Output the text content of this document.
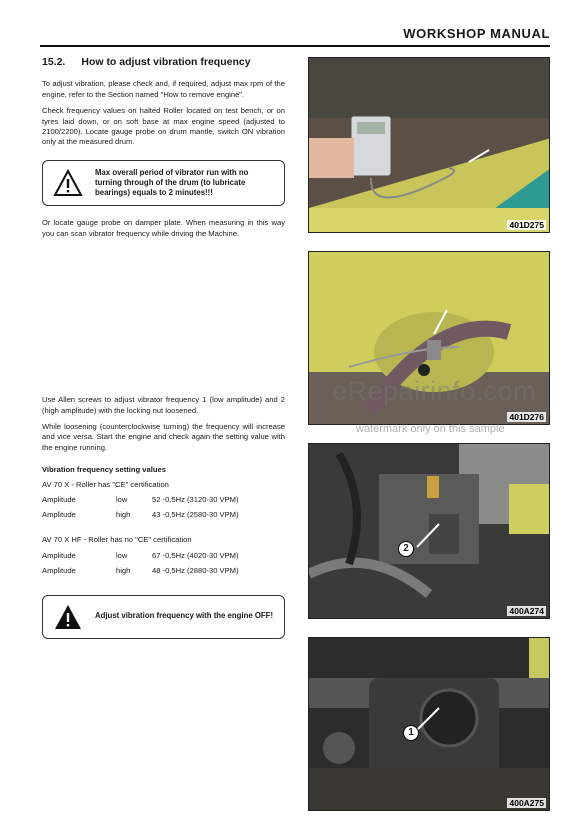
WORKSHOP MANUAL
15.2. How to adjust vibration frequency

To adjust vibration, please check and, if required, adjust max rpm of the engine, refer to the Section named "How to remove engine".

Check frequency values on halted Roller located on test bench, or on tyres laid down, or on soft base at max engine speed (adjusted to 2100/2200). Locate gauge probe on drum mantle, switch ON vibration only at the measured drum.

Max overall period of vibrator run with no turning through of the drum (to lubricate bearings) equals to 2 minutes!!!

Or locate gauge probe on damper plate. When measuring in this way you can scan vibrator frequency while driving the Machine.

Use Allen screws to adjust vibrator frequency 1 (low amplitude) and 2 (high amplitude) with the locking nut loosened.

While loosening (counterclockwise turning) the frequency will increase and vice versa. Start the engine and check again the setting value with the engine running.

Vibration frequency setting values
AV 70 X - Roller has "CE" certification
Amplitude	low	52 -0,5Hz (3120-30 VPM)
Amplitude	high	43 -0,5Hz (2580-30 VPM)
AV 70 X HF - Roller has no "CE" certification
Amplitude	low	67 -0,5Hz (4020-30 VPM)
Amplitude	high	48 -0,5Hz (2880-30 VPM)
Adjust vibration frequency with the engine OFF!
401D275
401D276
2
400A274
1
400A275
eRepairinfo.com
watermark only on this sample
